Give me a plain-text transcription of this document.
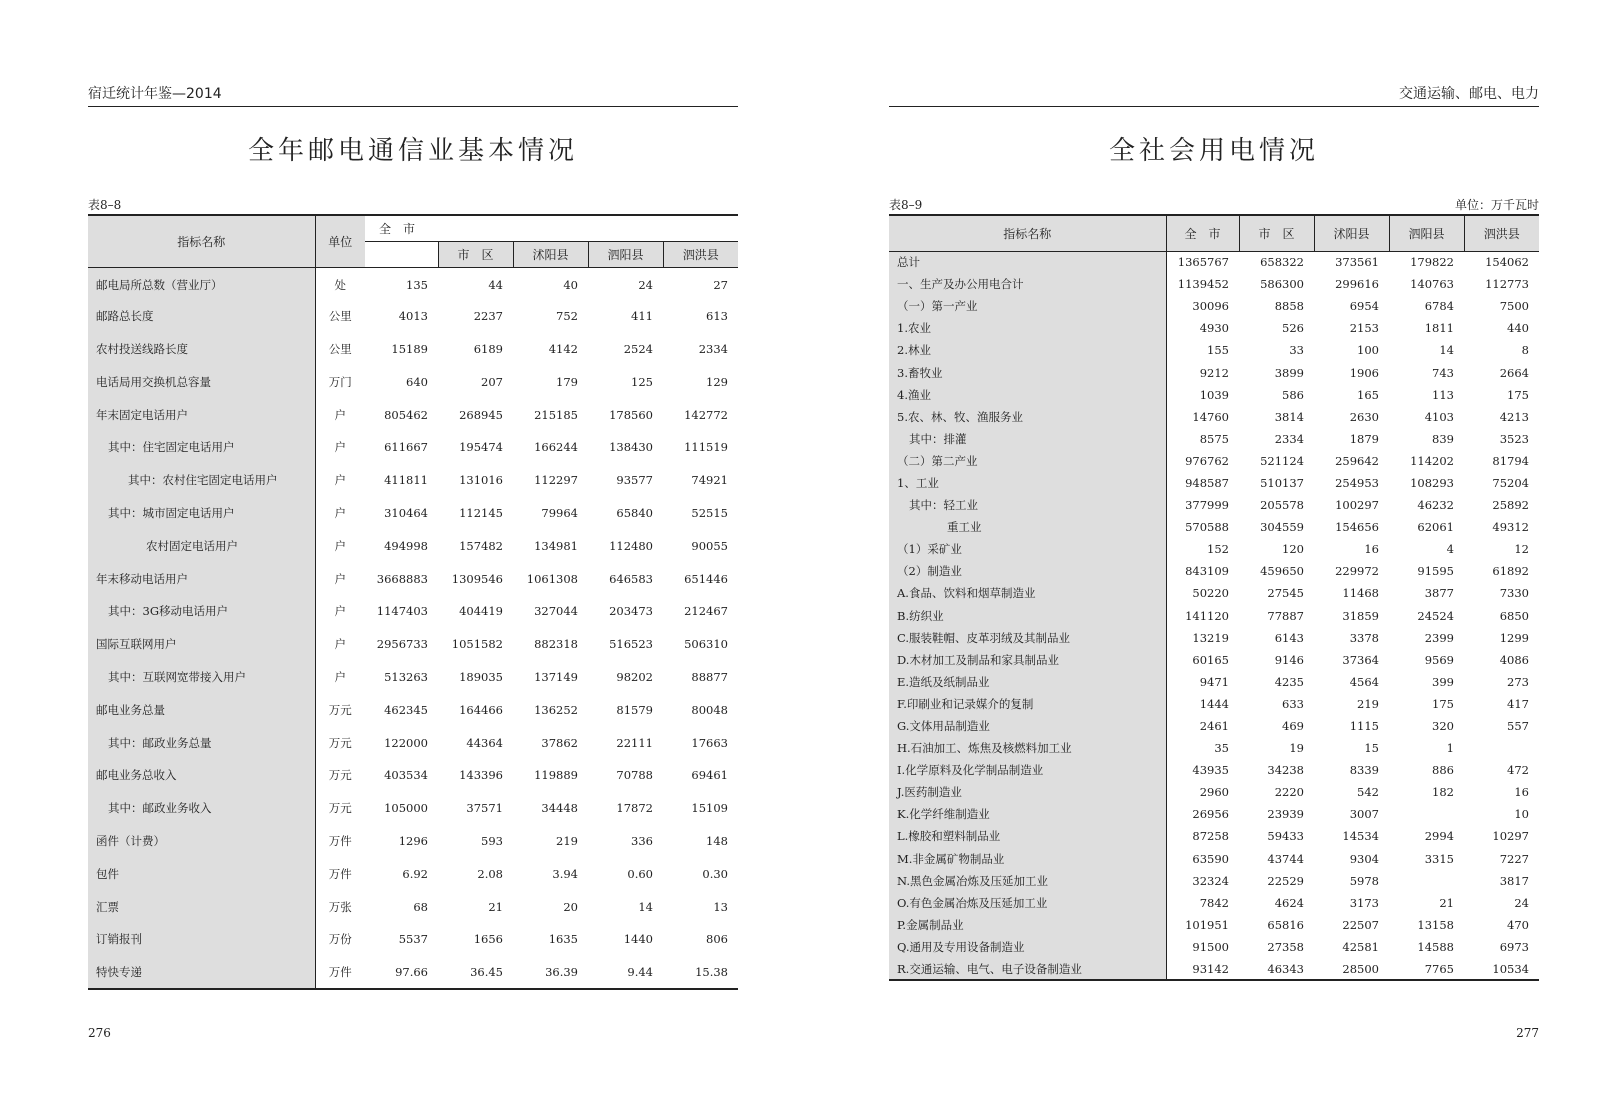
宿迁统计年鉴—2014
全年邮电通信业基本情况
表8–8
指标名称	单位	全　市				
			市　区	沭阳县	泗阳县	泗洪县
邮电局所总数（营业厅）	处	135	44	40	24	27
邮路总长度	公里	4013	2237	752	411	613
农村投送线路长度	公里	15189	6189	4142	2524	2334
电话局用交换机总容量	万门	640	207	179	125	129
年末固定电话用户	户	805462	268945	215185	178560	142772
其中：住宅固定电话用户	户	611667	195474	166244	138430	111519
其中：农村住宅固定电话用户	户	411811	131016	112297	93577	74921
其中：城市固定电话用户	户	310464	112145	79964	65840	52515
农村固定电话用户	户	494998	157482	134981	112480	90055
年末移动电话用户	户	3668883	1309546	1061308	646583	651446
其中：3G移动电话用户	户	1147403	404419	327044	203473	212467
国际互联网用户	户	2956733	1051582	882318	516523	506310
其中：互联网宽带接入用户	户	513263	189035	137149	98202	88877
邮电业务总量	万元	462345	164466	136252	81579	80048
其中：邮政业务总量	万元	122000	44364	37862	22111	17663
邮电业务总收入	万元	403534	143396	119889	70788	69461
其中：邮政业务收入	万元	105000	37571	34448	17872	15109
函件（计费）	万件	1296	593	219	336	148
包件	万件	6.92	2.08	3.94	0.60	0.30
汇票	万张	68	21	20	14	13
订销报刊	万份	5537	1656	1635	1440	806
特快专递	万件	97.66	36.45	36.39	9.44	15.38
276
交通运输、邮电、电力
全社会用电情况
表8–9	单位：万千瓦时
指标名称	全　市	市　区	沭阳县	泗阳县	泗洪县
总计	1365767	658322	373561	179822	154062
一、生产及办公用电合计	1139452	586300	299616	140763	112773
（一）第一产业	30096	8858	6954	6784	7500
1.农业	4930	526	2153	1811	440
2.林业	155	33	100	14	8
3.畜牧业	9212	3899	1906	743	2664
4.渔业	1039	586	165	113	175
5.农、林、牧、渔服务业	14760	3814	2630	4103	4213
其中：排灌	8575	2334	1879	839	3523
（二）第二产业	976762	521124	259642	114202	81794
1、工业	948587	510137	254953	108293	75204
其中：轻工业	377999	205578	100297	46232	25892
重工业	570588	304559	154656	62061	49312
（1）采矿业	152	120	16	4	12
（2）制造业	843109	459650	229972	91595	61892
A.食品、饮料和烟草制造业	50220	27545	11468	3877	7330
B.纺织业	141120	77887	31859	24524	6850
C.服装鞋帽、皮革羽绒及其制品业	13219	6143	3378	2399	1299
D.木材加工及制品和家具制品业	60165	9146	37364	9569	4086
E.造纸及纸制品业	9471	4235	4564	399	273
F.印刷业和记录媒介的复制	1444	633	219	175	417
G.文体用品制造业	2461	469	1115	320	557
H.石油加工、炼焦及核燃料加工业	35	19	15	1	
I.化学原料及化学制品制造业	43935	34238	8339	886	472
J.医药制造业	2960	2220	542	182	16
K.化学纤维制造业	26956	23939	3007		10
L.橡胶和塑料制品业	87258	59433	14534	2994	10297
M.非金属矿物制品业	63590	43744	9304	3315	7227
N.黑色金属冶炼及压延加工业	32324	22529	5978		3817
O.有色金属冶炼及压延加工业	7842	4624	3173	21	24
P.金属制品业	101951	65816	22507	13158	470
Q.通用及专用设备制造业	91500	27358	42581	14588	6973
R.交通运输、电气、电子设备制造业	93142	46343	28500	7765	10534
277
